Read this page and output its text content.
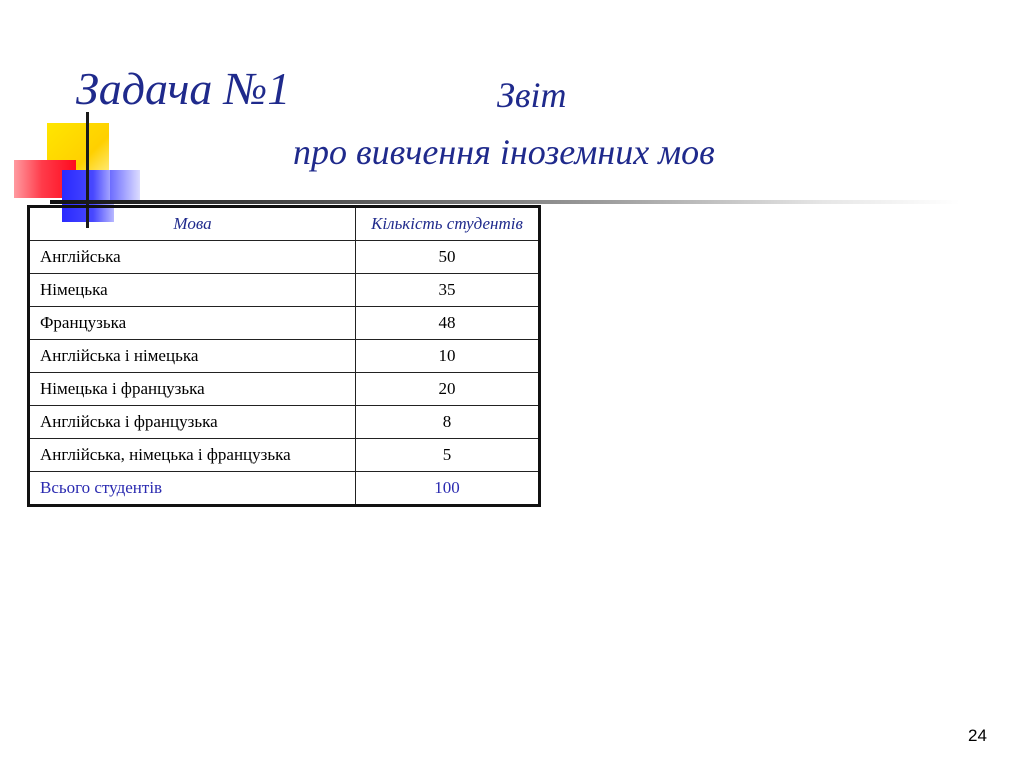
Задача №1	Звіт
про вивчення іноземних мов
Мова	Кількість студентів
Англійська	50
Німецька	35
Французька	48
Англійська і німецька	10
Німецька і французька	20
Англійська і французька	8
Англійська, німецька і французька	5
Всього студентів	100
24
